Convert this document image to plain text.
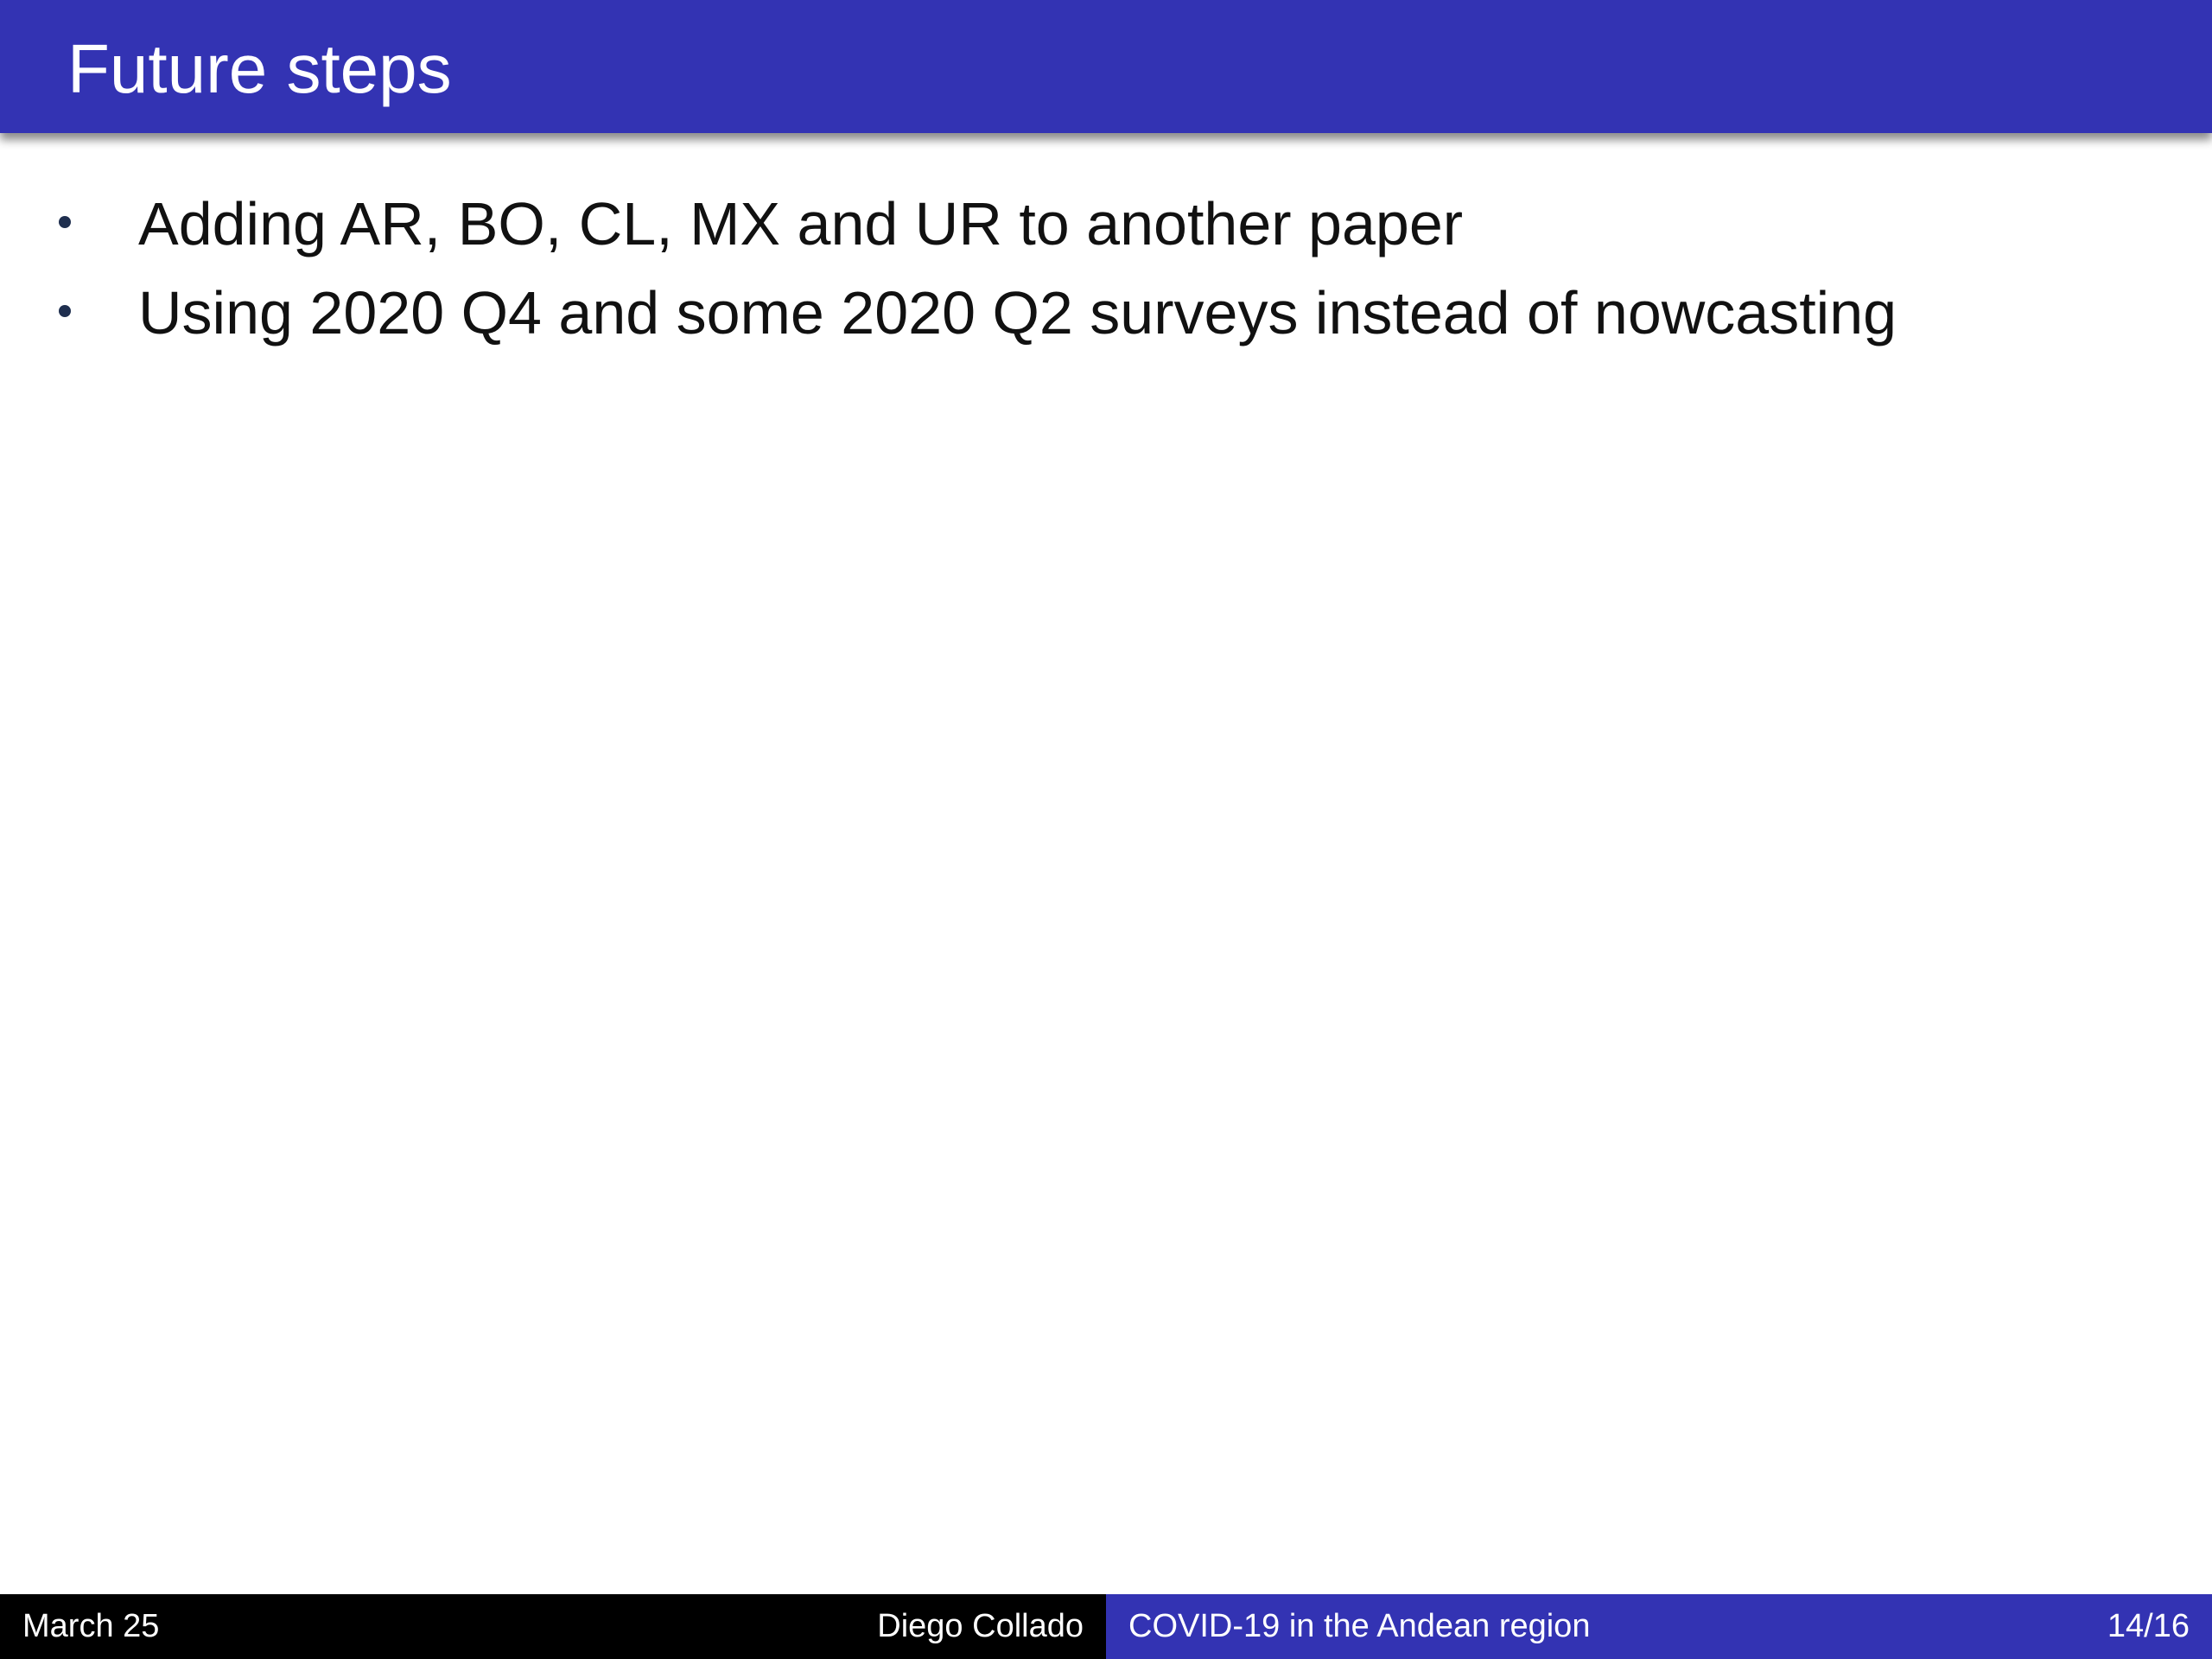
Future steps
Adding AR, BO, CL, MX and UR to another paper
Using 2020 Q4 and some 2020 Q2 surveys instead of nowcasting
March 25	Diego Collado COVID-19 in the Andean region	14/16
